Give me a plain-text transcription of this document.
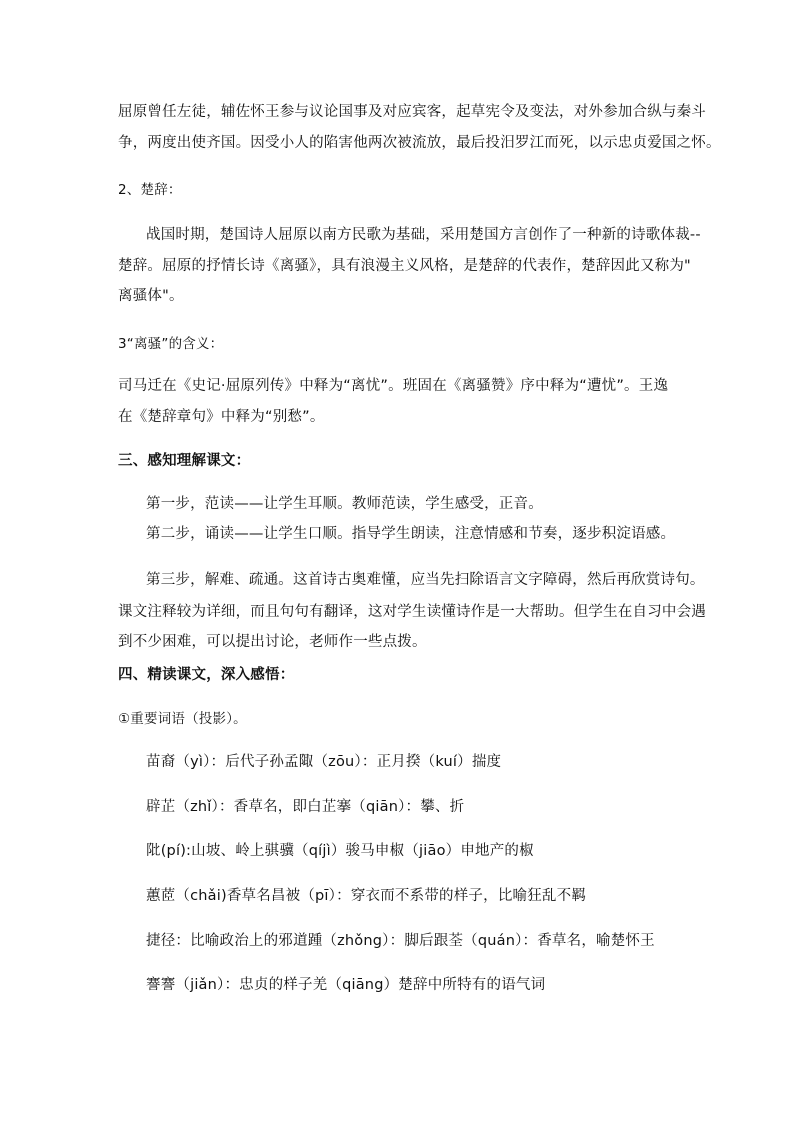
屈原曾任左徒，辅佐怀王参与议论国事及对应宾客，起草宪令及变法，对外参加合纵与秦斗
争，两度出使齐国。因受小人的陷害他两次被流放，最后投汨罗江而死，以示忠贞爱国之怀。
2、楚辞：
战国时期，楚国诗人屈原以南方民歌为基础，采用楚国方言创作了一种新的诗歌体裁--
楚辞。屈原的抒情长诗《离骚》，具有浪漫主义风格，是楚辞的代表作，楚辞因此又称为"
离骚体"。
3“离骚”的含义：
司马迁在《史记·屈原列传》中释为“离忧”。班固在《离骚赞》序中释为“遭忧”。王逸
在《楚辞章句》中释为“别愁”。
三、感知理解课文：
第一步，范读——让学生耳顺。教师范读，学生感受，正音。
第二步，诵读——让学生口顺。指导学生朗读，注意情感和节奏，逐步积淀语感。
第三步，解难、疏通。这首诗古奥难懂，应当先扫除语言文字障碍，然后再欣赏诗句。
课文注释较为详细，而且句句有翻译，这对学生读懂诗作是一大帮助。但学生在自习中会遇
到不少困难，可以提出讨论，老师作一些点拨。
四、精读课文，深入感悟：
①重要词语（投影）。
苗裔（yì）：后代子孙孟陬（zōu）：正月揆（kuí）揣度
辟芷（zhǐ）：香草名，即白芷搴（qiān）：攀、折
阰(pí):山坡、岭上骐骥（qíjì）骏马申椒（jiāo）申地产的椒
蕙茝（chǎi)香草名昌被（pī）：穿衣而不系带的样子，比喻狂乱不羁
捷径：比喻政治上的邪道踵（zhǒng）：脚后跟荃（quán）：香草名，喻楚怀王
謇謇（jiǎn）：忠贞的样子羌（qiāng）楚辞中所特有的语气词
